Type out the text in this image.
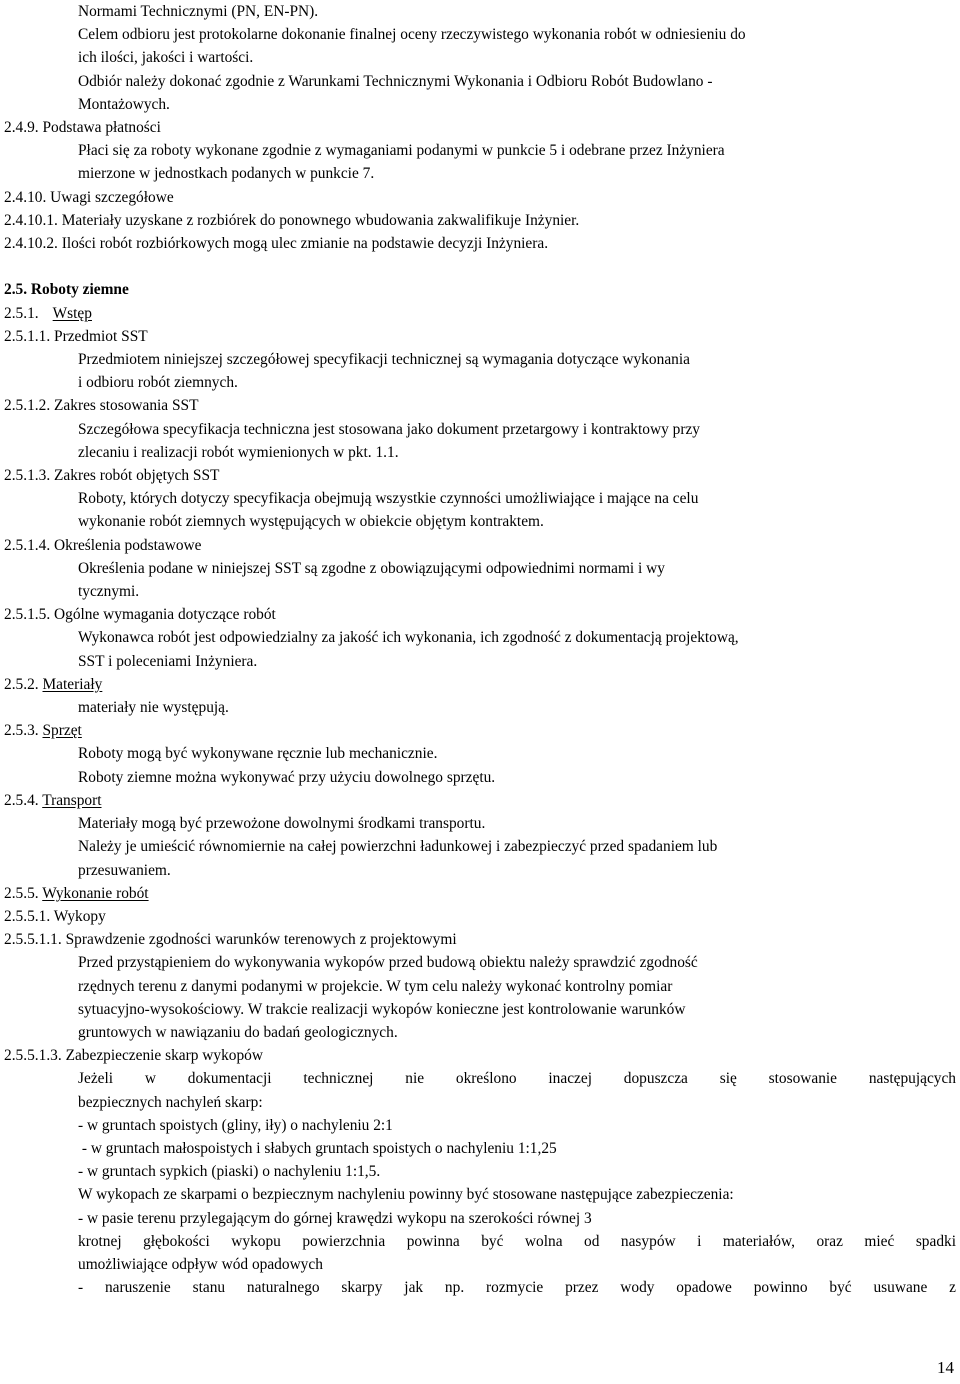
Normami Technicznymi (PN, EN-PN).
Celem odbioru jest protokolarne dokonanie finalnej oceny rzeczywistego wykonania robót w odniesieniu do
ich ilości, jakości i wartości.
Odbiór należy dokonać zgodnie z Warunkami Technicznymi Wykonania i Odbioru Robót Budowlano -
Montażowych.
2.4.9. Podstawa płatności
Płaci się za roboty wykonane zgodnie z wymaganiami podanymi w punkcie 5 i odebrane przez Inżyniera
mierzone w jednostkach podanych w punkcie 7.
2.4.10. Uwagi szczegółowe
2.4.10.1. Materiały uzyskane z rozbiórek do ponownego wbudowania zakwalifikuje Inżynier.
2.4.10.2. Ilości robót rozbiórkowych mogą ulec zmianie na podstawie decyzji Inżyniera.
2.5. Roboty ziemne
2.5.1. Wstęp
2.5.1.1. Przedmiot SST
Przedmiotem niniejszej szczegółowej specyfikacji technicznej są wymagania dotyczące wykonania
i odbioru robót ziemnych.
2.5.1.2. Zakres stosowania SST
Szczegółowa specyfikacja techniczna jest stosowana jako dokument przetargowy i kontraktowy przy
zlecaniu i realizacji robót wymienionych w pkt. 1.1.
2.5.1.3. Zakres robót objętych SST
Roboty, których dotyczy specyfikacja obejmują wszystkie czynności umożliwiające i mające na celu
wykonanie robót ziemnych występujących w obiekcie objętym kontraktem.
2.5.1.4. Określenia podstawowe
Określenia podane w niniejszej SST są zgodne z obowiązującymi odpowiednimi normami i wy
tycznymi.
2.5.1.5. Ogólne wymagania dotyczące robót
Wykonawca robót jest odpowiedzialny za jakość ich wykonania, ich zgodność z dokumentacją projektową,
SST i poleceniami Inżyniera.
2.5.2. Materiały
materiały nie występują.
2.5.3. Sprzęt
Roboty mogą być wykonywane ręcznie lub mechanicznie.
Roboty ziemne można wykonywać przy użyciu dowolnego sprzętu.
2.5.4. Transport
Materiały mogą być przewożone dowolnymi środkami transportu.
Należy je umieścić równomiernie na całej powierzchni ładunkowej i zabezpieczyć przed spadaniem lub
przesuwaniem.
2.5.5. Wykonanie robót
2.5.5.1. Wykopy
2.5.5.1.1. Sprawdzenie zgodności warunków terenowych z projektowymi
Przed przystąpieniem do wykonywania wykopów przed budową obiektu należy sprawdzić zgodność
rzędnych terenu z danymi podanymi w projekcie. W tym celu należy wykonać kontrolny pomiar
sytuacyjno-wysokościowy. W trakcie realizacji wykopów konieczne jest kontrolowanie warunków
gruntowych w nawiązaniu do badań geologicznych.
2.5.5.1.3. Zabezpieczenie skarp wykopów
Jeżeli w dokumentacji technicznej nie określono inaczej dopuszcza się stosowanie następujących
bezpiecznych nachyleń skarp:
- w gruntach spoistych (gliny, iły) o nachyleniu 2:1
- w gruntach małospoistych i słabych gruntach spoistych o nachyleniu 1:1,25
- w gruntach sypkich (piaski) o nachyleniu 1:1,5.
W wykopach ze skarpami o bezpiecznym nachyleniu powinny być stosowane następujące zabezpieczenia:
- w pasie terenu przylegającym do górnej krawędzi wykopu na szerokości równej 3
krotnej głębokości wykopu powierzchnia powinna być wolna od nasypów i materiałów, oraz mieć spadki
umożliwiające odpływ wód opadowych
- naruszenie stanu naturalnego skarpy jak np. rozmycie przez wody opadowe powinno być usuwane z
14
